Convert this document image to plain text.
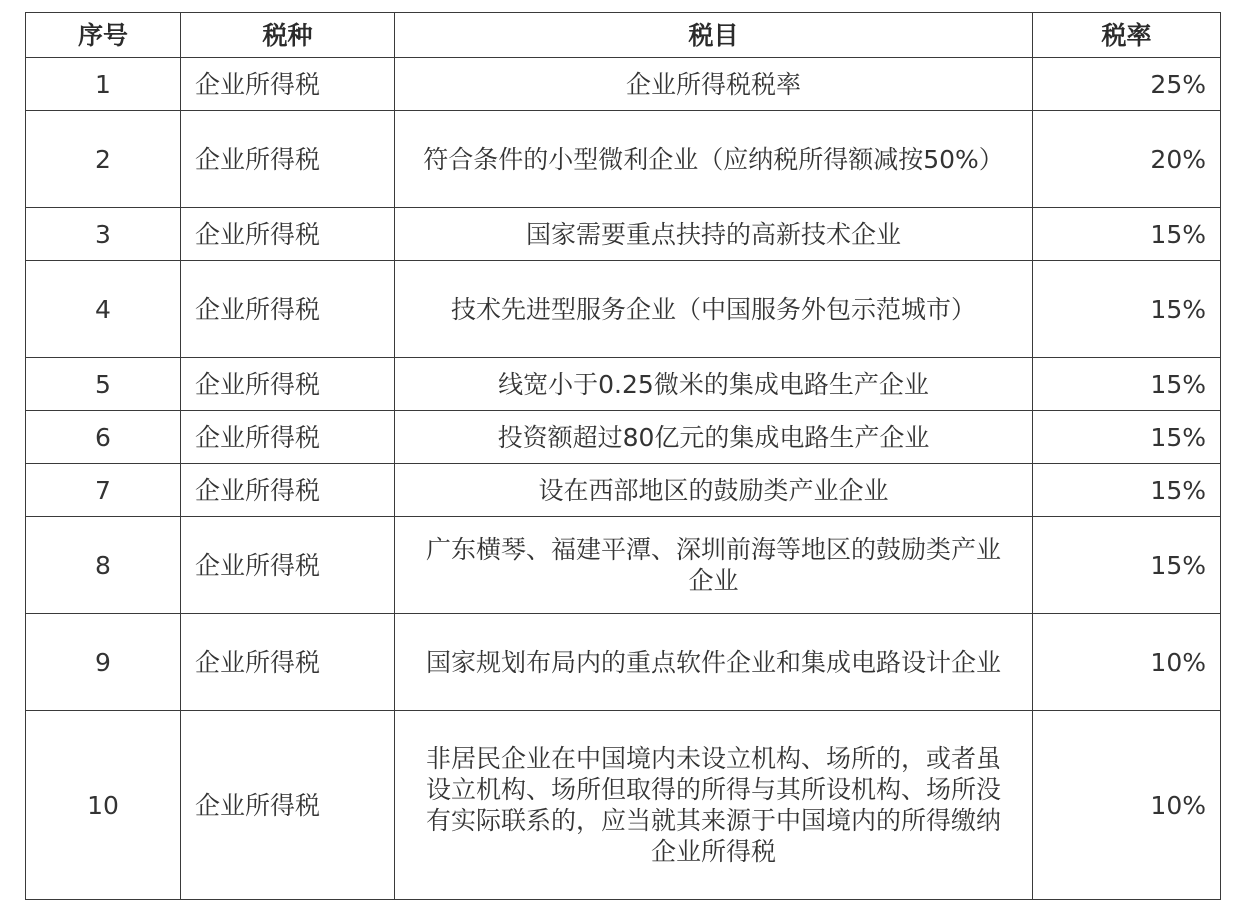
序号	税种	税目	税率
1	企业所得税	企业所得税税率	25%
2	企业所得税	符合条件的小型微利企业（应纳税所得额减按50%）	20%
3	企业所得税	国家需要重点扶持的高新技术企业	15%
4	企业所得税	技术先进型服务企业（中国服务外包示范城市）	15%
5	企业所得税	线宽小于0.25微米的集成电路生产企业	15%
6	企业所得税	投资额超过80亿元的集成电路生产企业	15%
7	企业所得税	设在西部地区的鼓励类产业企业	15%
8	企业所得税	广东横琴、福建平潭、深圳前海等地区的鼓励类产业企业	15%
9	企业所得税	国家规划布局内的重点软件企业和集成电路设计企业	10%
10	企业所得税	非居民企业在中国境内未设立机构、场所的，或者虽设立机构、场所但取得的所得与其所设机构、场所没有实际联系的，应当就其来源于中国境内的所得缴纳企业所得税	10%
